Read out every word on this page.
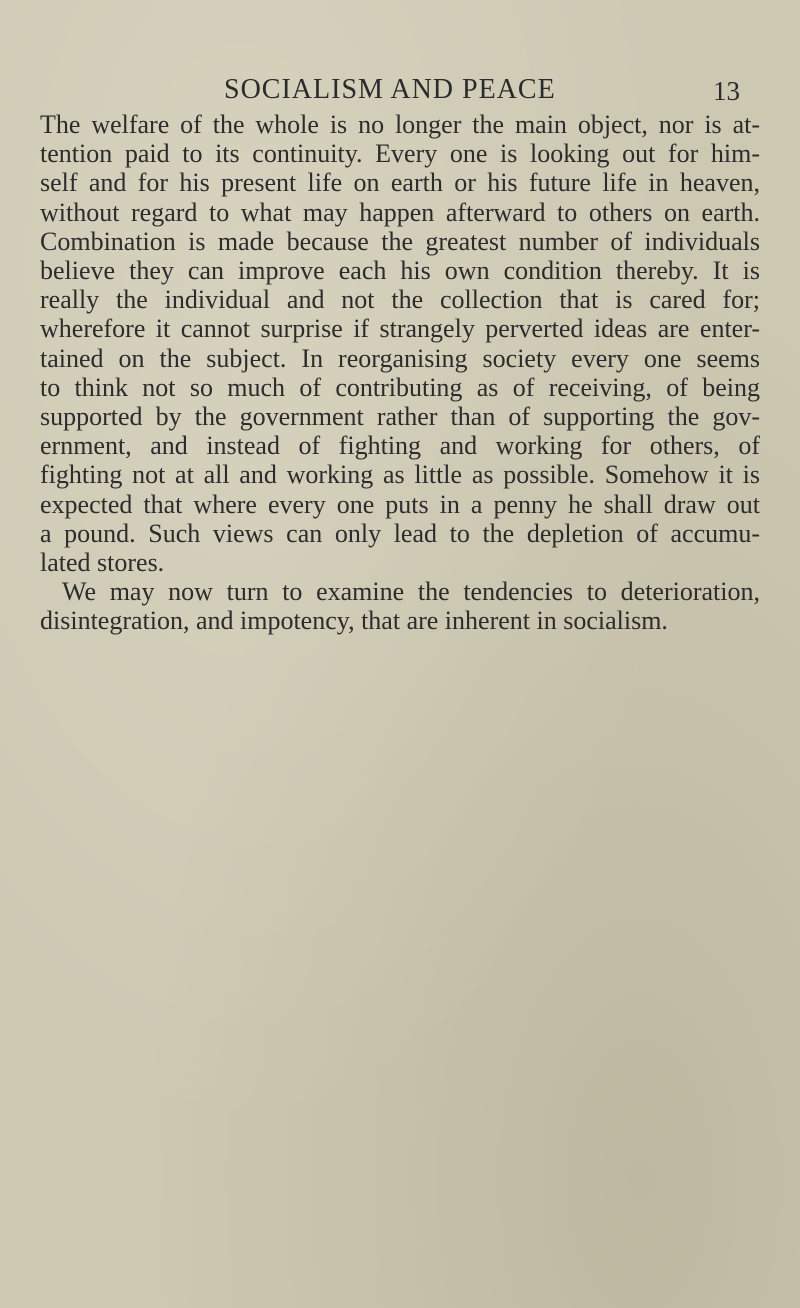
SOCIALISM AND PEACE	13
The welfare of the whole is no longer the main object, nor is at-
tention paid to its continuity. Every one is looking out for him-
self and for his present life on earth or his future life in heaven,
without regard to what may happen afterward to others on earth.
Combination is made because the greatest number of individuals
believe they can improve each his own condition thereby. It is
really the individual and not the collection that is cared for;
wherefore it cannot surprise if strangely perverted ideas are enter-
tained on the subject. In reorganising society every one seems
to think not so much of contributing as of receiving, of being
supported by the government rather than of supporting the gov-
ernment, and instead of fighting and working for others, of
fighting not at all and working as little as possible. Somehow it is
expected that where every one puts in a penny he shall draw out
a pound. Such views can only lead to the depletion of accumu-
lated stores.
We may now turn to examine the tendencies to deterioration,
disintegration, and impotency, that are inherent in socialism.
